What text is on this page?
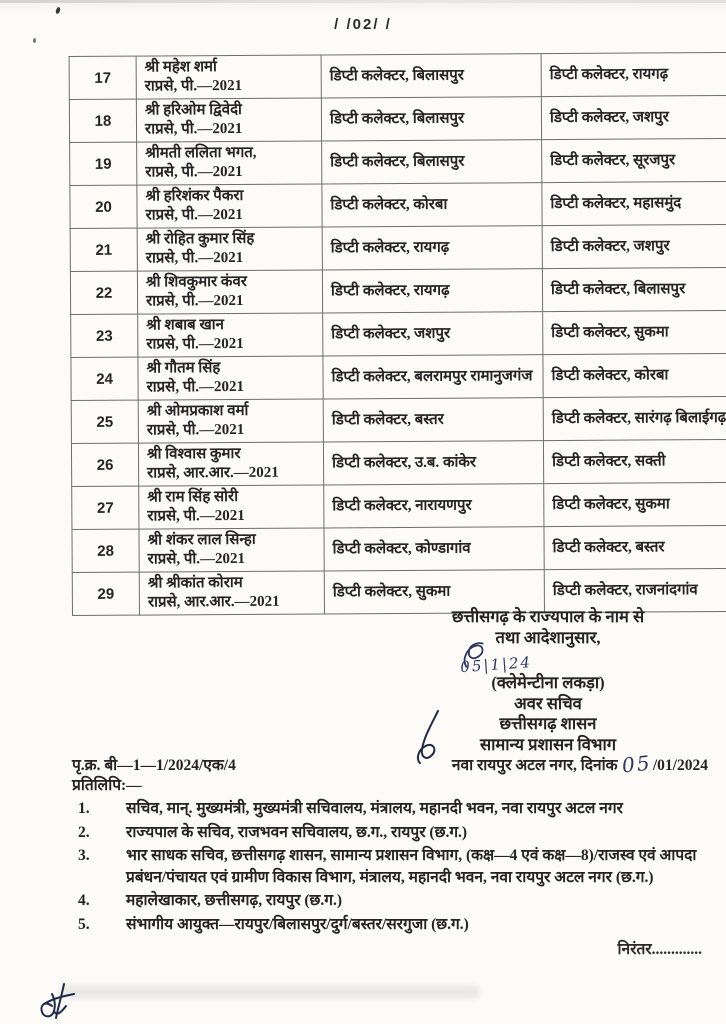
/ /02/ /
17	श्री महेश शर्मा
राप्रसे, पी.—2021	डिप्टी कलेक्टर, बिलासपुर	डिप्टी कलेक्टर, रायगढ़
18	श्री हरिओम द्विवेदी
राप्रसे, पी.—2021	डिप्टी कलेक्टर, बिलासपुर	डिप्टी कलेक्टर, जशपुर
19	श्रीमती ललिता भगत,
राप्रसे, पी.—2021	डिप्टी कलेक्टर, बिलासपुर	डिप्टी कलेक्टर, सूरजपुर
20	श्री हरिशंकर पैकरा
राप्रसे, पी.—2021	डिप्टी कलेक्टर, कोरबा	डिप्टी कलेक्टर, महासमुंद
21	श्री रोहित कुमार सिंह
राप्रसे, पी.—2021	डिप्टी कलेक्टर, रायगढ़	डिप्टी कलेक्टर, जशपुर
22	श्री शिवकुमार कंवर
राप्रसे, पी.—2021	डिप्टी कलेक्टर, रायगढ़	डिप्टी कलेक्टर, बिलासपुर
23	श्री शबाब खान
राप्रसे, पी.—2021	डिप्टी कलेक्टर, जशपुर	डिप्टी कलेक्टर, सुकमा
24	श्री गौतम सिंह
राप्रसे, पी.—2021	डिप्टी कलेक्टर, बलरामपुर रामानुजगंज	डिप्टी कलेक्टर, कोरबा
25	श्री ओमप्रकाश वर्मा
राप्रसे, पी.—2021	डिप्टी कलेक्टर, बस्तर	डिप्टी कलेक्टर, सारंगढ़ बिलाईगढ़
26	श्री विश्वास कुमार
राप्रसे, आर.आर.—2021	डिप्टी कलेक्टर, उ.ब. कांकेर	डिप्टी कलेक्टर, सक्ती
27	श्री राम सिंह सोरी
राप्रसे, पी.—2021	डिप्टी कलेक्टर, नारायणपुर	डिप्टी कलेक्टर, सुकमा
28	श्री शंकर लाल सिन्हा
राप्रसे, पी.—2021	डिप्टी कलेक्टर, कोण्डागांव	डिप्टी कलेक्टर, बस्तर
29	श्री श्रीकांत कोराम
राप्रसे, आर.आर.—2021	डिप्टी कलेक्टर, सुकमा	डिप्टी कलेक्टर, राजनांदगांव
छत्तीसगढ़ के राज्यपाल के नाम से
तथा आदेशानुसार,
05|1|24
(क्लेमेन्टीना लकड़ा)
अवर सचिव
छत्तीसगढ़ शासन
सामान्य प्रशासन विभाग
पृ.क्र. बी—1—1/2024/एक/4	नवा रायपुर अटल नगर, दिनांक 05/01/2024
प्रतिलिपि:—
1.	सचिव, मान्. मुख्यमंत्री, मुख्यमंत्री सचिवालय, मंत्रालय, महानदी भवन, नवा रायपुर अटल नगर
2.	राज्यपाल के सचिव, राजभवन सचिवालय, छ.ग., रायपुर (छ.ग.)
3.	भार साधक सचिव, छत्तीसगढ़ शासन, सामान्य प्रशासन विभाग, (कक्ष—4 एवं कक्ष—8)/राजस्व एवं आपदा प्रबंधन/पंचायत एवं ग्रामीण विकास विभाग, मंत्रालय, महानदी भवन, नवा रायपुर अटल नगर (छ.ग.)
4.	महालेखाकार, छत्तीसगढ़, रायपुर (छ.ग.)
5.	संभागीय आयुक्त—रायपुर/बिलासपुर/दुर्ग/बस्तर/सरगुजा (छ.ग.)
निरंतर.............
